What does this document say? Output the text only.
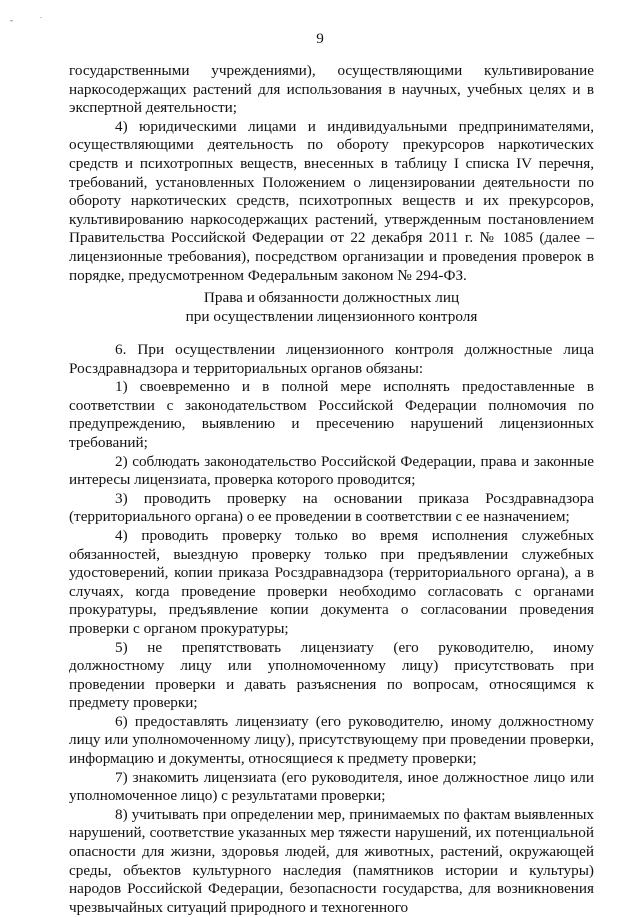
-	.
9

государственными учреждениями), осуществляющими культивирование наркосодержащих растений для использования в научных, учебных целях и в экспертной деятельности;

4) юридическими лицами и индивидуальными предпринимателями, осуществляющими деятельность по обороту прекурсоров наркотических средств и психотропных веществ, внесенных в таблицу I списка IV перечня, требований, установленных Положением о лицензировании деятельности по обороту наркотических средств, психотропных веществ и их прекурсоров, культивированию наркосодержащих растений, утвержденным постановлением Правительства Российской Федерации от 22 декабря 2011 г. № 1085 (далее – лицензионные требования), посредством организации и проведения проверок в порядке, предусмотренном Федеральным законом № 294-ФЗ.

Права и обязанности должностных лиц

при осуществлении лицензионного контроля

6. При осуществлении лицензионного контроля должностные лица Росздравнадзора и территориальных органов обязаны:

1) своевременно и в полной мере исполнять предоставленные в соответствии с законодательством Российской Федерации полномочия по предупреждению, выявлению и пресечению нарушений лицензионных требований;

2) соблюдать законодательство Российской Федерации, права и законные интересы лицензиата, проверка которого проводится;

3) проводить проверку на основании приказа Росздравнадзора (территориального органа) о ее проведении в соответствии с ее назначением;

4) проводить проверку только во время исполнения служебных обязанностей, выездную проверку только при предъявлении служебных удостоверений, копии приказа Росздравнадзора (территориального органа), а в случаях, когда проведение проверки необходимо согласовать с органами прокуратуры, предъявление копии документа о согласовании проведения проверки с органом прокуратуры;

5) не препятствовать лицензиату (его руководителю, иному должностному лицу или уполномоченному лицу) присутствовать при проведении проверки и давать разъяснения по вопросам, относящимся к предмету проверки;

6) предоставлять лицензиату (его руководителю, иному должностному лицу или уполномоченному лицу), присутствующему при проведении проверки, информацию и документы, относящиеся к предмету проверки;

7) знакомить лицензиата (его руководителя, иное должностное лицо или уполномоченное лицо) с результатами проверки;

8) учитывать при определении мер, принимаемых по фактам выявленных нарушений, соответствие указанных мер тяжести нарушений, их потенциальной опасности для жизни, здоровья людей, для животных, растений, окружающей среды, объектов культурного наследия (памятников истории и культуры) народов Российской Федерации, безопасности государства, для возникновения чрезвычайных ситуаций природного и техногенного
